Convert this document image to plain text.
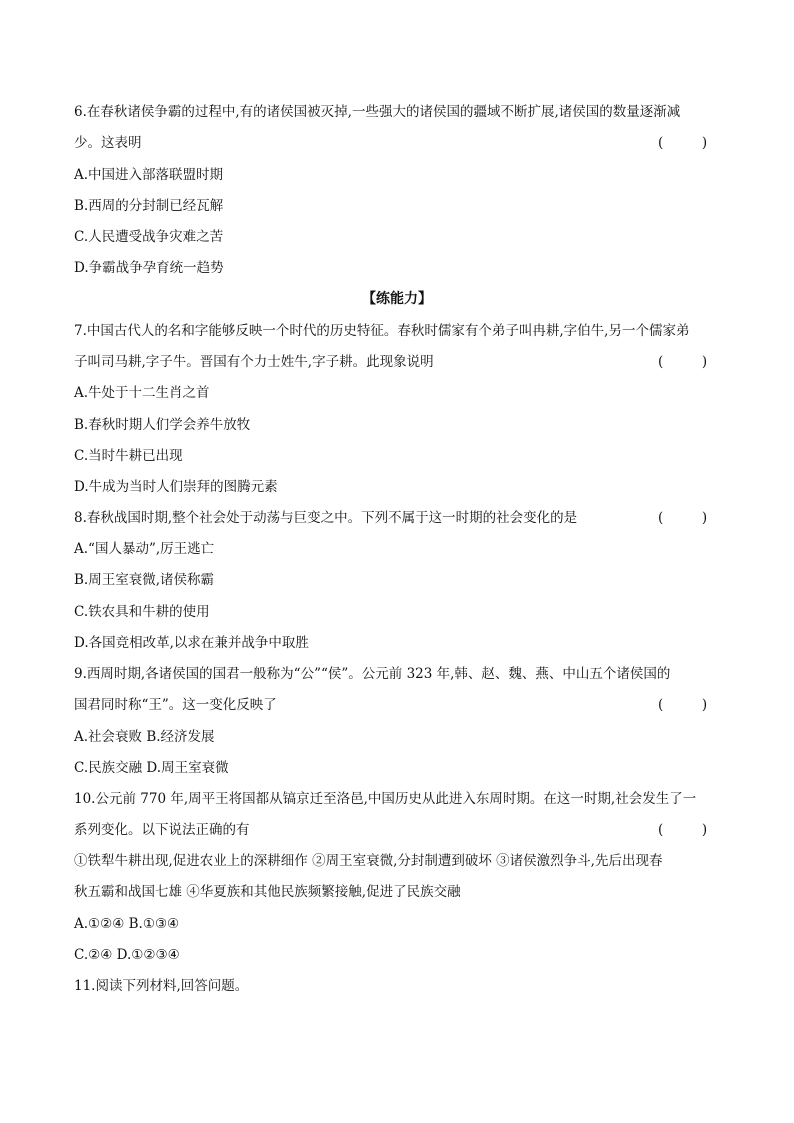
6.在春秋诸侯争霸的过程中,有的诸侯国被灭掉,一些强大的诸侯国的疆域不断扩展,诸侯国的数量逐渐减
少。这表明	(         )
A.中国进入部落联盟时期
B.西周的分封制已经瓦解
C.人民遭受战争灾难之苦
D.争霸战争孕育统一趋势
【练能力】
7.中国古代人的名和字能够反映一个时代的历史特征。春秋时儒家有个弟子叫冉耕,字伯牛,另一个儒家弟
子叫司马耕,字子牛。晋国有个力士姓牛,字子耕。此现象说明	(         )
A.牛处于十二生肖之首
B.春秋时期人们学会养牛放牧
C.当时牛耕已出现
D.牛成为当时人们崇拜的图腾元素
8.春秋战国时期,整个社会处于动荡与巨变之中。下列不属于这一时期的社会变化的是	(         )
A.“国人暴动”,厉王逃亡
B.周王室衰微,诸侯称霸
C.铁农具和牛耕的使用
D.各国竞相改革,以求在兼并战争中取胜
9.西周时期,各诸侯国的国君一般称为“公”“侯”。公元前 323 年,韩、赵、魏、燕、中山五个诸侯国的
国君同时称“王”。这一变化反映了	(         )
A.社会衰败 B.经济发展
C.民族交融 D.周王室衰微
10.公元前 770 年,周平王将国都从镐京迁至洛邑,中国历史从此进入东周时期。在这一时期,社会发生了一
系列变化。以下说法正确的有	(         )
①铁犁牛耕出现,促进农业上的深耕细作 ②周王室衰微,分封制遭到破坏 ③诸侯激烈争斗,先后出现春
秋五霸和战国七雄 ④华夏族和其他民族频繁接触,促进了民族交融
A.①②④ B.①③④
C.②④ D.①②③④
11.阅读下列材料,回答问题。
